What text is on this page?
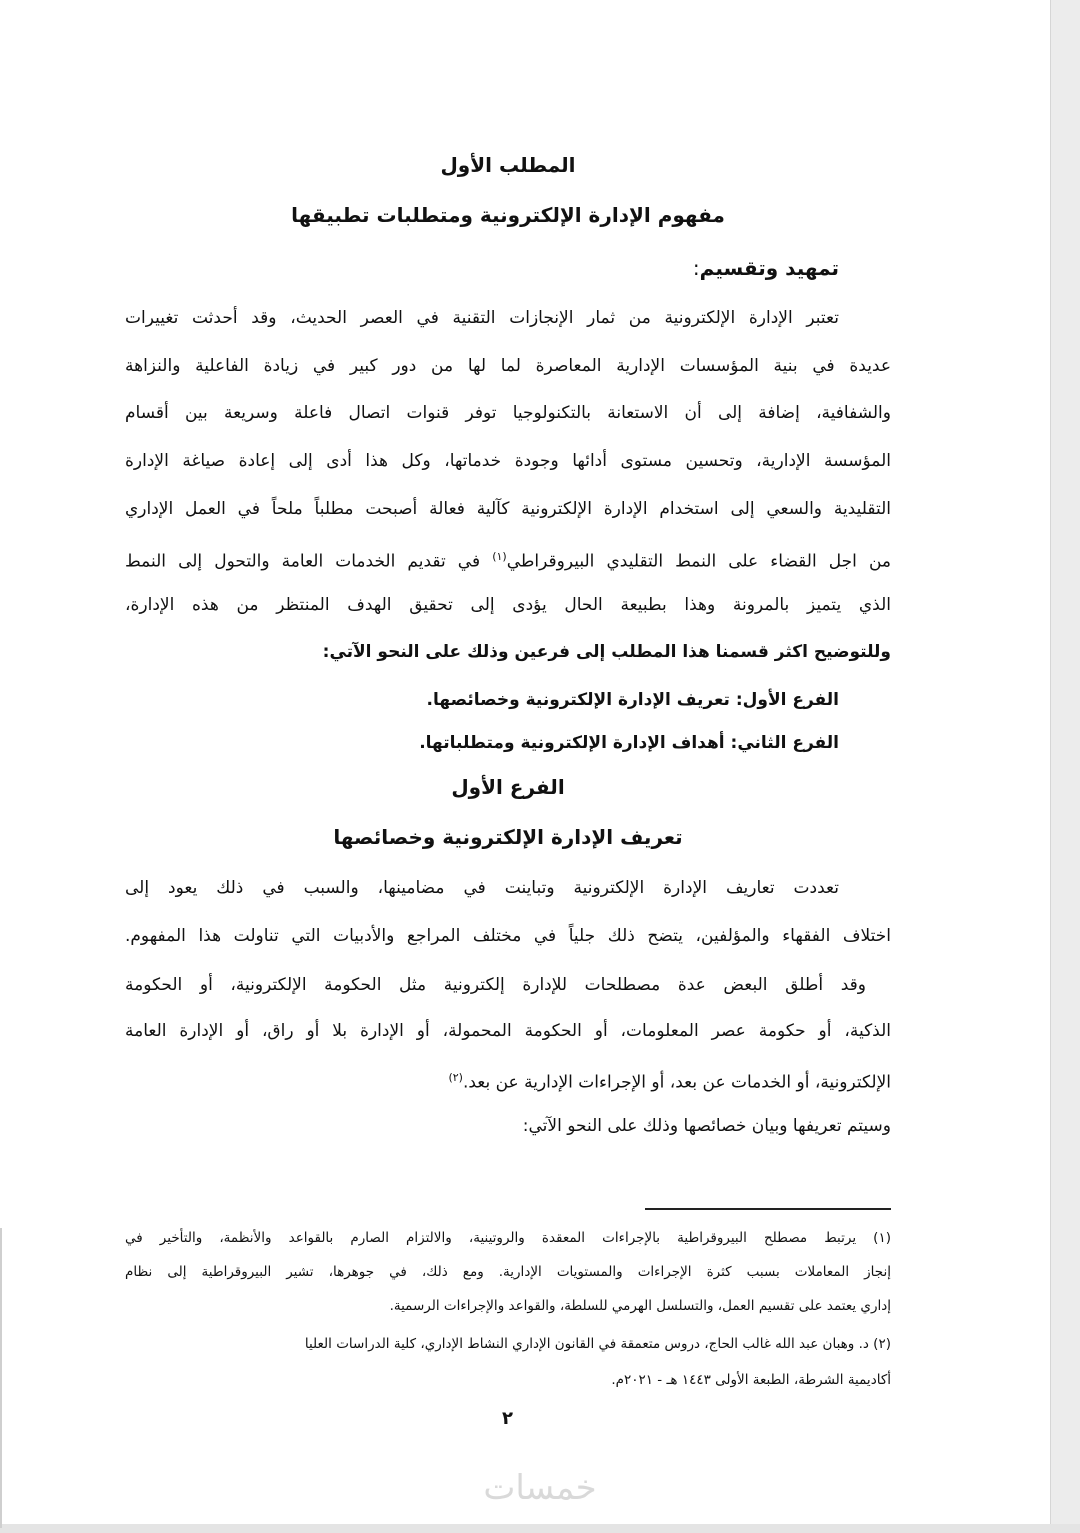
المطلب الأول
مفهوم الإدارة الإلكترونية ومتطلبات تطبيقها
تمهيد وتقسيم:
تعتبر الإدارة الإلكترونية من ثمار الإنجازات التقنية في العصر الحديث، وقد أحدثت تغييرات
عديدة في بنية المؤسسات الإدارية المعاصرة لما لها من دور كبير في زيادة الفاعلية والنزاهة
والشفافية، إضافة إلى أن الاستعانة بالتكنولوجيا توفر قنوات اتصال فاعلة وسريعة بين أقسام
المؤسسة الإدارية، وتحسين مستوى أدائها وجودة خدماتها، وكل هذا أدى إلى إعادة صياغة الإدارة
التقليدية والسعي إلى استخدام الإدارة الإلكترونية كآلية فعالة أصبحت مطلباً ملحاً في العمل الإداري
من اجل القضاء على النمط التقليدي البيروقراطي$^{(١)}$ في تقديم الخدمات العامة والتحول إلى النمط
الذي يتميز بالمرونة وهذا بطبيعة الحال يؤدى إلى تحقيق الهدف المنتظر من هذه الإدارة،
وللتوضيح اكثر قسمنا هذا المطلب إلى فرعين وذلك على النحو الآتي:
الفرع الأول: تعريف الإدارة الإلكترونية وخصائصها.
الفرع الثاني: أهداف الإدارة الإلكترونية ومتطلباتها.
الفرع الأول
تعريف الإدارة الإلكترونية وخصائصها
تعددت تعاريف الإدارة الإلكترونية وتباينت في مضامينها، والسبب في ذلك يعود إلى
اختلاف الفقهاء والمؤلفين، يتضح ذلك جلياً في مختلف المراجع والأدبيات التي تناولت هذا المفهوم.
وقد أطلق البعض عدة مصطلحات للإدارة إلكترونية مثل الحكومة الإلكترونية، أو الحكومة
الذكية، أو حكومة عصر المعلومات، أو الحكومة المحمولة، أو الإدارة بلا أو راق، أو الإدارة العامة
الإلكترونية، أو الخدمات عن بعد، أو الإجراءات الإدارية عن بعد.$^{(٢)}$
وسيتم تعريفها وبيان خصائصها وذلك على النحو الآتي:
(١) يرتبط مصطلح البيروقراطية بالإجراءات المعقدة والروتينية، والالتزام الصارم بالقواعد والأنظمة، والتأخير في
إنجاز المعاملات بسبب كثرة الإجراءات والمستويات الإدارية. ومع ذلك، في جوهرها، تشير البيروقراطية إلى نظام
إداري يعتمد على تقسيم العمل، والتسلسل الهرمي للسلطة، والقواعد والإجراءات الرسمية.
(٢) د. وهبان عبد الله غالب الحاج، دروس متعمقة في القانون الإداري النشاط الإداري، كلية الدراسات العليا
أكاديمية الشرطة، الطبعة الأولى ١٤٤٣ هـ - ٢٠٢١م.
٢
خمسات
